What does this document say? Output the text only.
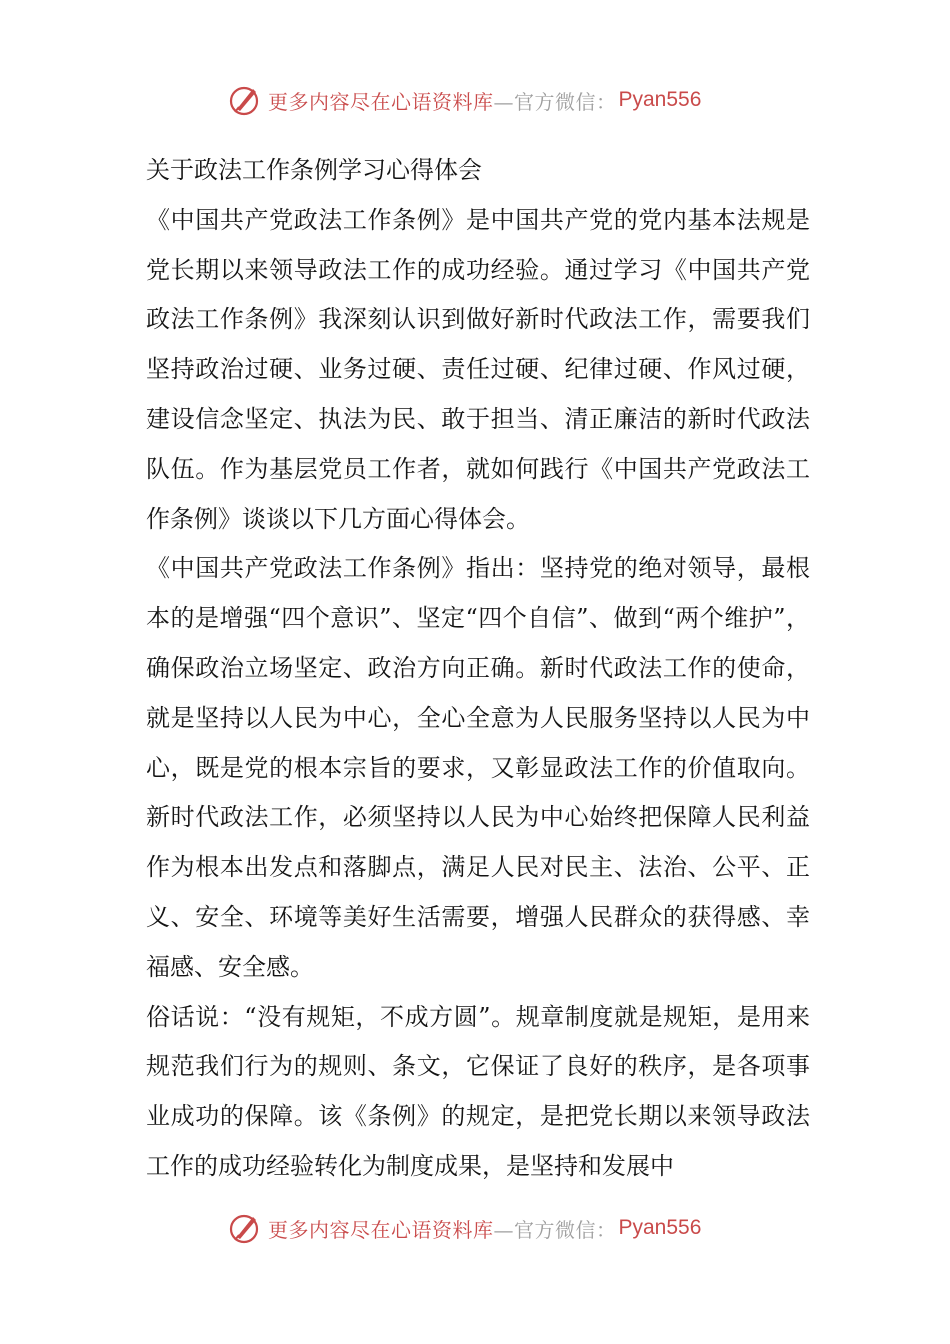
更多内容尽在心语资料库 —官方微信： Pyan556

关于政法工作条例学习心得体会

《中国共产党政法工作条例》是中国共产党的党内基本法规是党长期以来领导政法工作的成功经验。通过学习《中国共产党政法工作条例》我深刻认识到做好新时代政法工作，需要我们坚持政治过硬、业务过硬、责任过硬、纪律过硬、作风过硬，建设信念坚定、执法为民、敢于担当、清正廉洁的新时代政法队伍。作为基层党员工作者，就如何践行《中国共产党政法工作条例》谈谈以下几方面心得体会。

《中国共产党政法工作条例》指出：坚持党的绝对领导，最根本的是增强“四个意识”、坚定“四个自信”、做到“两个维护”，确保政治立场坚定、政治方向正确。新时代政法工作的使命，就是坚持以人民为中心，全心全意为人民服务坚持以人民为中心，既是党的根本宗旨的要求，又彰显政法工作的价值取向。新时代政法工作，必须坚持以人民为中心始终把保障人民利益作为根本出发点和落脚点，满足人民对民主、法治、公平、正义、安全、环境等美好生活需要，增强人民群众的获得感、幸福感、安全感。

俗话说：“没有规矩，不成方圆”。规章制度就是规矩，是用来规范我们行为的规则、条文，它保证了良好的秩序，是各项事业成功的保障。该《条例》的规定，是把党长期以来领导政法工作的成功经验转化为制度成果，是坚持和发展中

更多内容尽在心语资料库 —官方微信： Pyan556
